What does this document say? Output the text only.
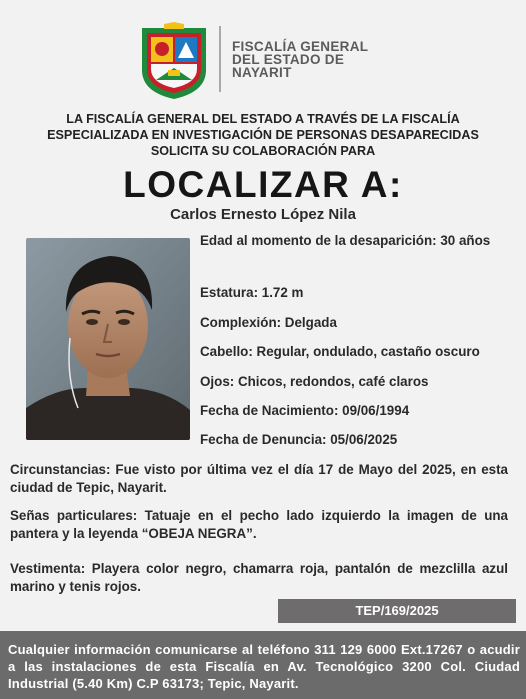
FISCALÍA GENERAL
DEL ESTADO DE
NAYARIT
LA FISCALÍA GENERAL DEL ESTADO A TRAVÉS DE LA FISCALÍA
ESPECIALIZADA EN INVESTIGACIÓN DE PERSONAS DESAPARECIDAS
SOLICITA SU COLABORACIÓN PARA
LOCALIZAR A:
Carlos Ernesto López Nila
Edad al momento de la desaparición: 30 años
Estatura: 1.72 m
Complexión: Delgada
Cabello: Regular, ondulado, castaño oscuro
Ojos: Chicos, redondos, café claros
Fecha de Nacimiento: 09/06/1994
Fecha de Denuncia: 05/06/2025
Circunstancias: Fue visto por última vez el día 17 de Mayo del 2025, en esta ciudad de Tepic, Nayarit.
Señas particulares: Tatuaje en el pecho lado izquierdo la imagen de una pantera y la leyenda “OBEJA NEGRA”.
Vestimenta: Playera color negro, chamarra roja, pantalón de mezclilla azul marino y tenis rojos.
TEP/169/2025
Cualquier información comunicarse al teléfono 311 129 6000 Ext.17267 o acudir a las instalaciones de esta Fiscalía en Av. Tecnológico 3200 Col. Ciudad Industrial (5.40 Km) C.P 63173; Tepic, Nayarit.
